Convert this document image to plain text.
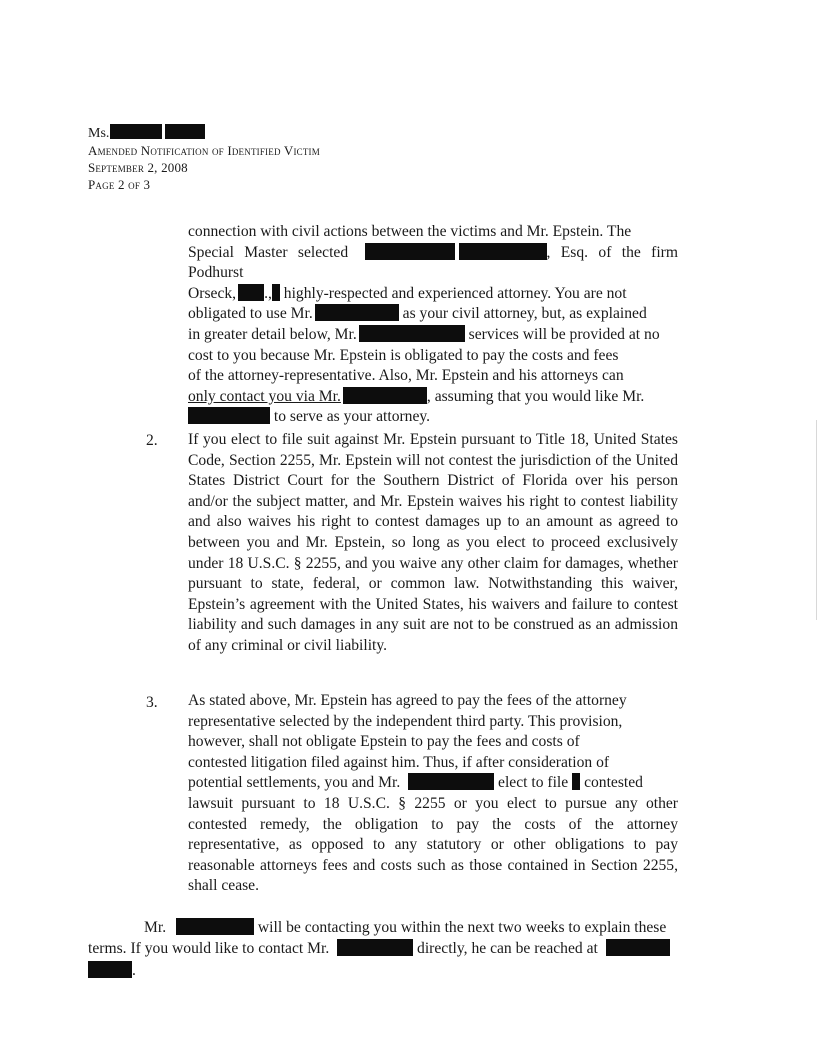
Ms.
Amended Notification of Identified Victim
September 2, 2008
Page 2 of 3
connection with civil actions between the victims and Mr. Epstein. The
Special Master selected	, Esq. of the firm Podhurst
Orseck, ., highly-respected and experienced attorney. You are not
obligated to use Mr.	as your civil attorney, but, as explained
in greater detail below, Mr.	services will be provided at no
cost to you because Mr. Epstein is obligated to pay the costs and fees
of the attorney-representative. Also, Mr. Epstein and his attorneys can
only contact you via Mr.	, assuming that you would like Mr.
to serve as your attorney.
2. If you elect to file suit against Mr. Epstein pursuant to Title 18, United States Code, Section 2255, Mr. Epstein will not contest the jurisdiction of the United States District Court for the Southern District of Florida over his person and/or the subject matter, and Mr. Epstein waives his right to contest liability and also waives his right to contest damages up to an amount as agreed to between you and Mr. Epstein, so long as you elect to proceed exclusively under 18 U.S.C. § 2255, and you waive any other claim for damages, whether pursuant to state, federal, or common law. Notwithstanding this waiver, Epstein’s agreement with the United States, his waivers and failure to contest liability and such damages in any suit are not to be construed as an admission of any criminal or civil liability.

3. As stated above, Mr. Epstein has agreed to pay the fees of the attorney
representative selected by the independent third party. This provision,
however, shall not obligate Epstein to pay the fees and costs of
contested litigation filed against him. Thus, if after consideration of
potential settlements, you and Mr.	elect to file contested

lawsuit pursuant to 18 U.S.C. § 2255 or you elect to pursue any other contested remedy, the obligation to pay the costs of the attorney representative, as opposed to any statutory or other obligations to pay reasonable attorneys fees and costs such as those contained in Section 2255, shall cease.

Mr.	will be contacting you within the next two weeks to explain these
terms. If you would like to contact Mr.	directly, he can be reached at
.
